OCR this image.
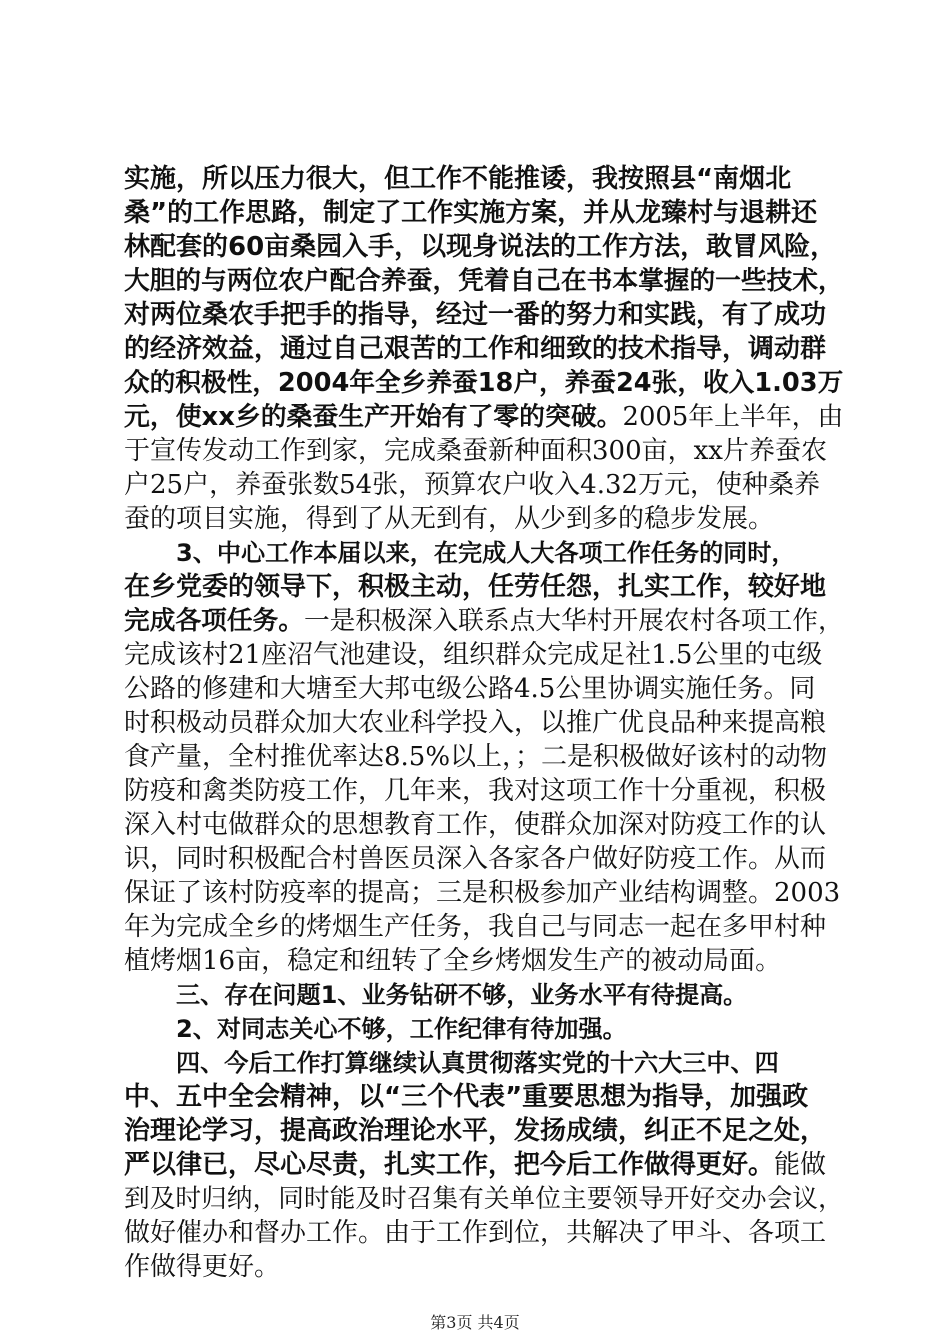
实施，所以压力很大，但工作不能推诿，我按照县“南烟北
桑”的工作思路，制定了工作实施方案，并从龙臻村与退耕还
林配套的60亩桑园入手，以现身说法的工作方法，敢冒风险，
大胆的与两位农户配合养蚕，凭着自己在书本掌握的一些技术，
对两位桑农手把手的指导，经过一番的努力和实践，有了成功
的经济效益，通过自己艰苦的工作和细致的技术指导，调动群
众的积极性，2004年全乡养蚕18户，养蚕24张，收入1.03万
元，使xx乡的桑蚕生产开始有了零的突破。2005年上半年，由
于宣传发动工作到家，完成桑蚕新种面积300亩，xx片养蚕农
户25户，养蚕张数54张，预算农户收入4.32万元，使种桑养
蚕的项目实施，得到了从无到有，从少到多的稳步发展。
3、中心工作本届以来，在完成人大各项工作任务的同时，
在乡党委的领导下，积极主动，任劳任怨，扎实工作，较好地
完成各项任务。一是积极深入联系点大华村开展农村各项工作，
完成该村21座沼气池建设，组织群众完成足社1.5公里的屯级
公路的修建和大塘至大邦屯级公路4.5公里协调实施任务。同
时积极动员群众加大农业科学投入，以推广优良品种来提高粮
食产量，全村推优率达8.5%以上，；二是积极做好该村的动物
防疫和禽类防疫工作，几年来，我对这项工作十分重视，积极
深入村屯做群众的思想教育工作，使群众加深对防疫工作的认
识，同时积极配合村兽医员深入各家各户做好防疫工作。从而
保证了该村防疫率的提高；三是积极参加产业结构调整。2003
年为完成全乡的烤烟生产任务，我自己与同志一起在多甲村种
植烤烟16亩，稳定和纽转了全乡烤烟发生产的被动局面。
三、存在问题1、业务钻研不够，业务水平有待提高。
2、对同志关心不够，工作纪律有待加强。
四、今后工作打算继续认真贯彻落实党的十六大三中、四
中、五中全会精神，以“三个代表”重要思想为指导，加强政
治理论学习，提高政治理论水平，发扬成绩，纠正不足之处，
严以律已，尽心尽责，扎实工作，把今后工作做得更好。能做
到及时归纳，同时能及时召集有关单位主要领导开好交办会议，
做好催办和督办工作。由于工作到位，共解决了甲斗、各项工
作做得更好。
第3页 共4页
